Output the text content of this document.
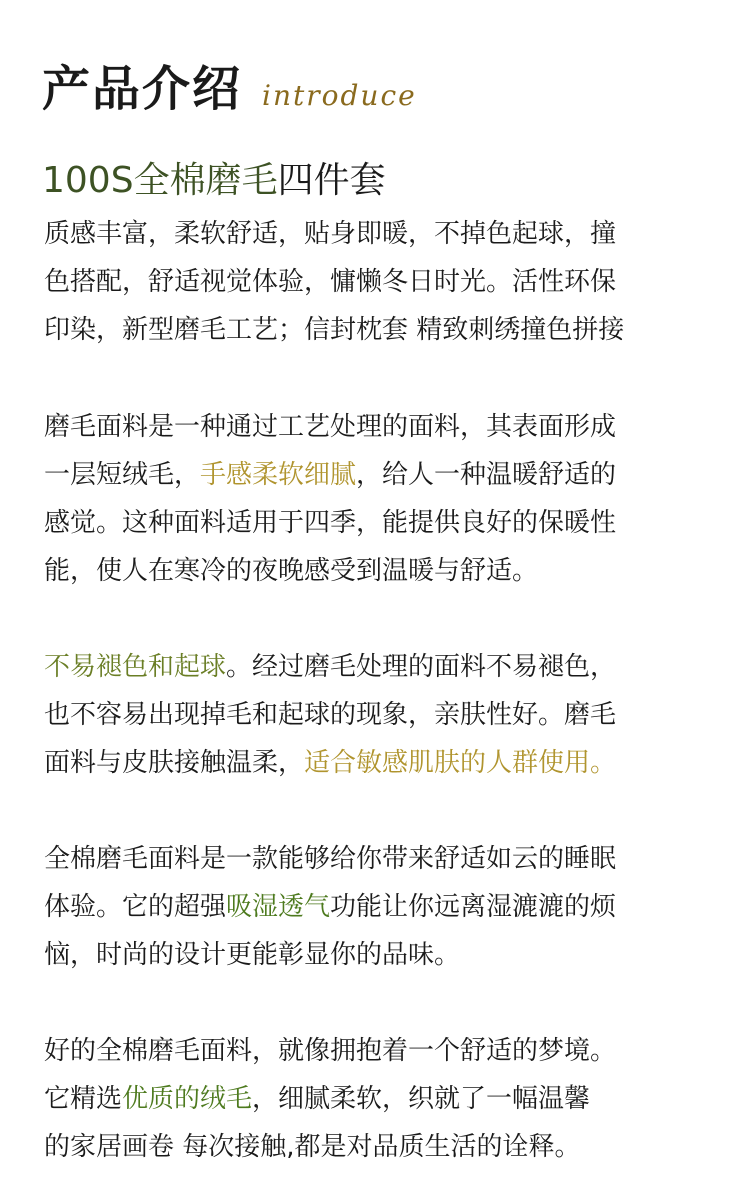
产品介绍 introduce
100S全棉磨毛四件套
质感丰富，柔软舒适，贴身即暖，不掉色起球，撞
色搭配，舒适视觉体验，慵懒冬日时光。活性环保
印染，新型磨毛工艺；信封枕套 精致刺绣撞色拼接
磨毛面料是一种通过工艺处理的面料，其表面形成
一层短绒毛，手感柔软细腻，给人一种温暖舒适的
感觉。这种面料适用于四季，能提供良好的保暖性
能，使人在寒冷的夜晚感受到温暖与舒适。
不易褪色和起球。经过磨毛处理的面料不易褪色，
也不容易出现掉毛和起球的现象，亲肤性好。磨毛
面料与皮肤接触温柔，适合敏感肌肤的人群使用。
全棉磨毛面料是一款能够给你带来舒适如云的睡眠
体验。它的超强吸湿透气功能让你远离湿漉漉的烦
恼，时尚的设计更能彰显你的品味。
好的全棉磨毛面料，就像拥抱着一个舒适的梦境。
它精选优质的绒毛，细腻柔软，织就了一幅温馨
的家居画卷 每次接触,都是对品质生活的诠释。
